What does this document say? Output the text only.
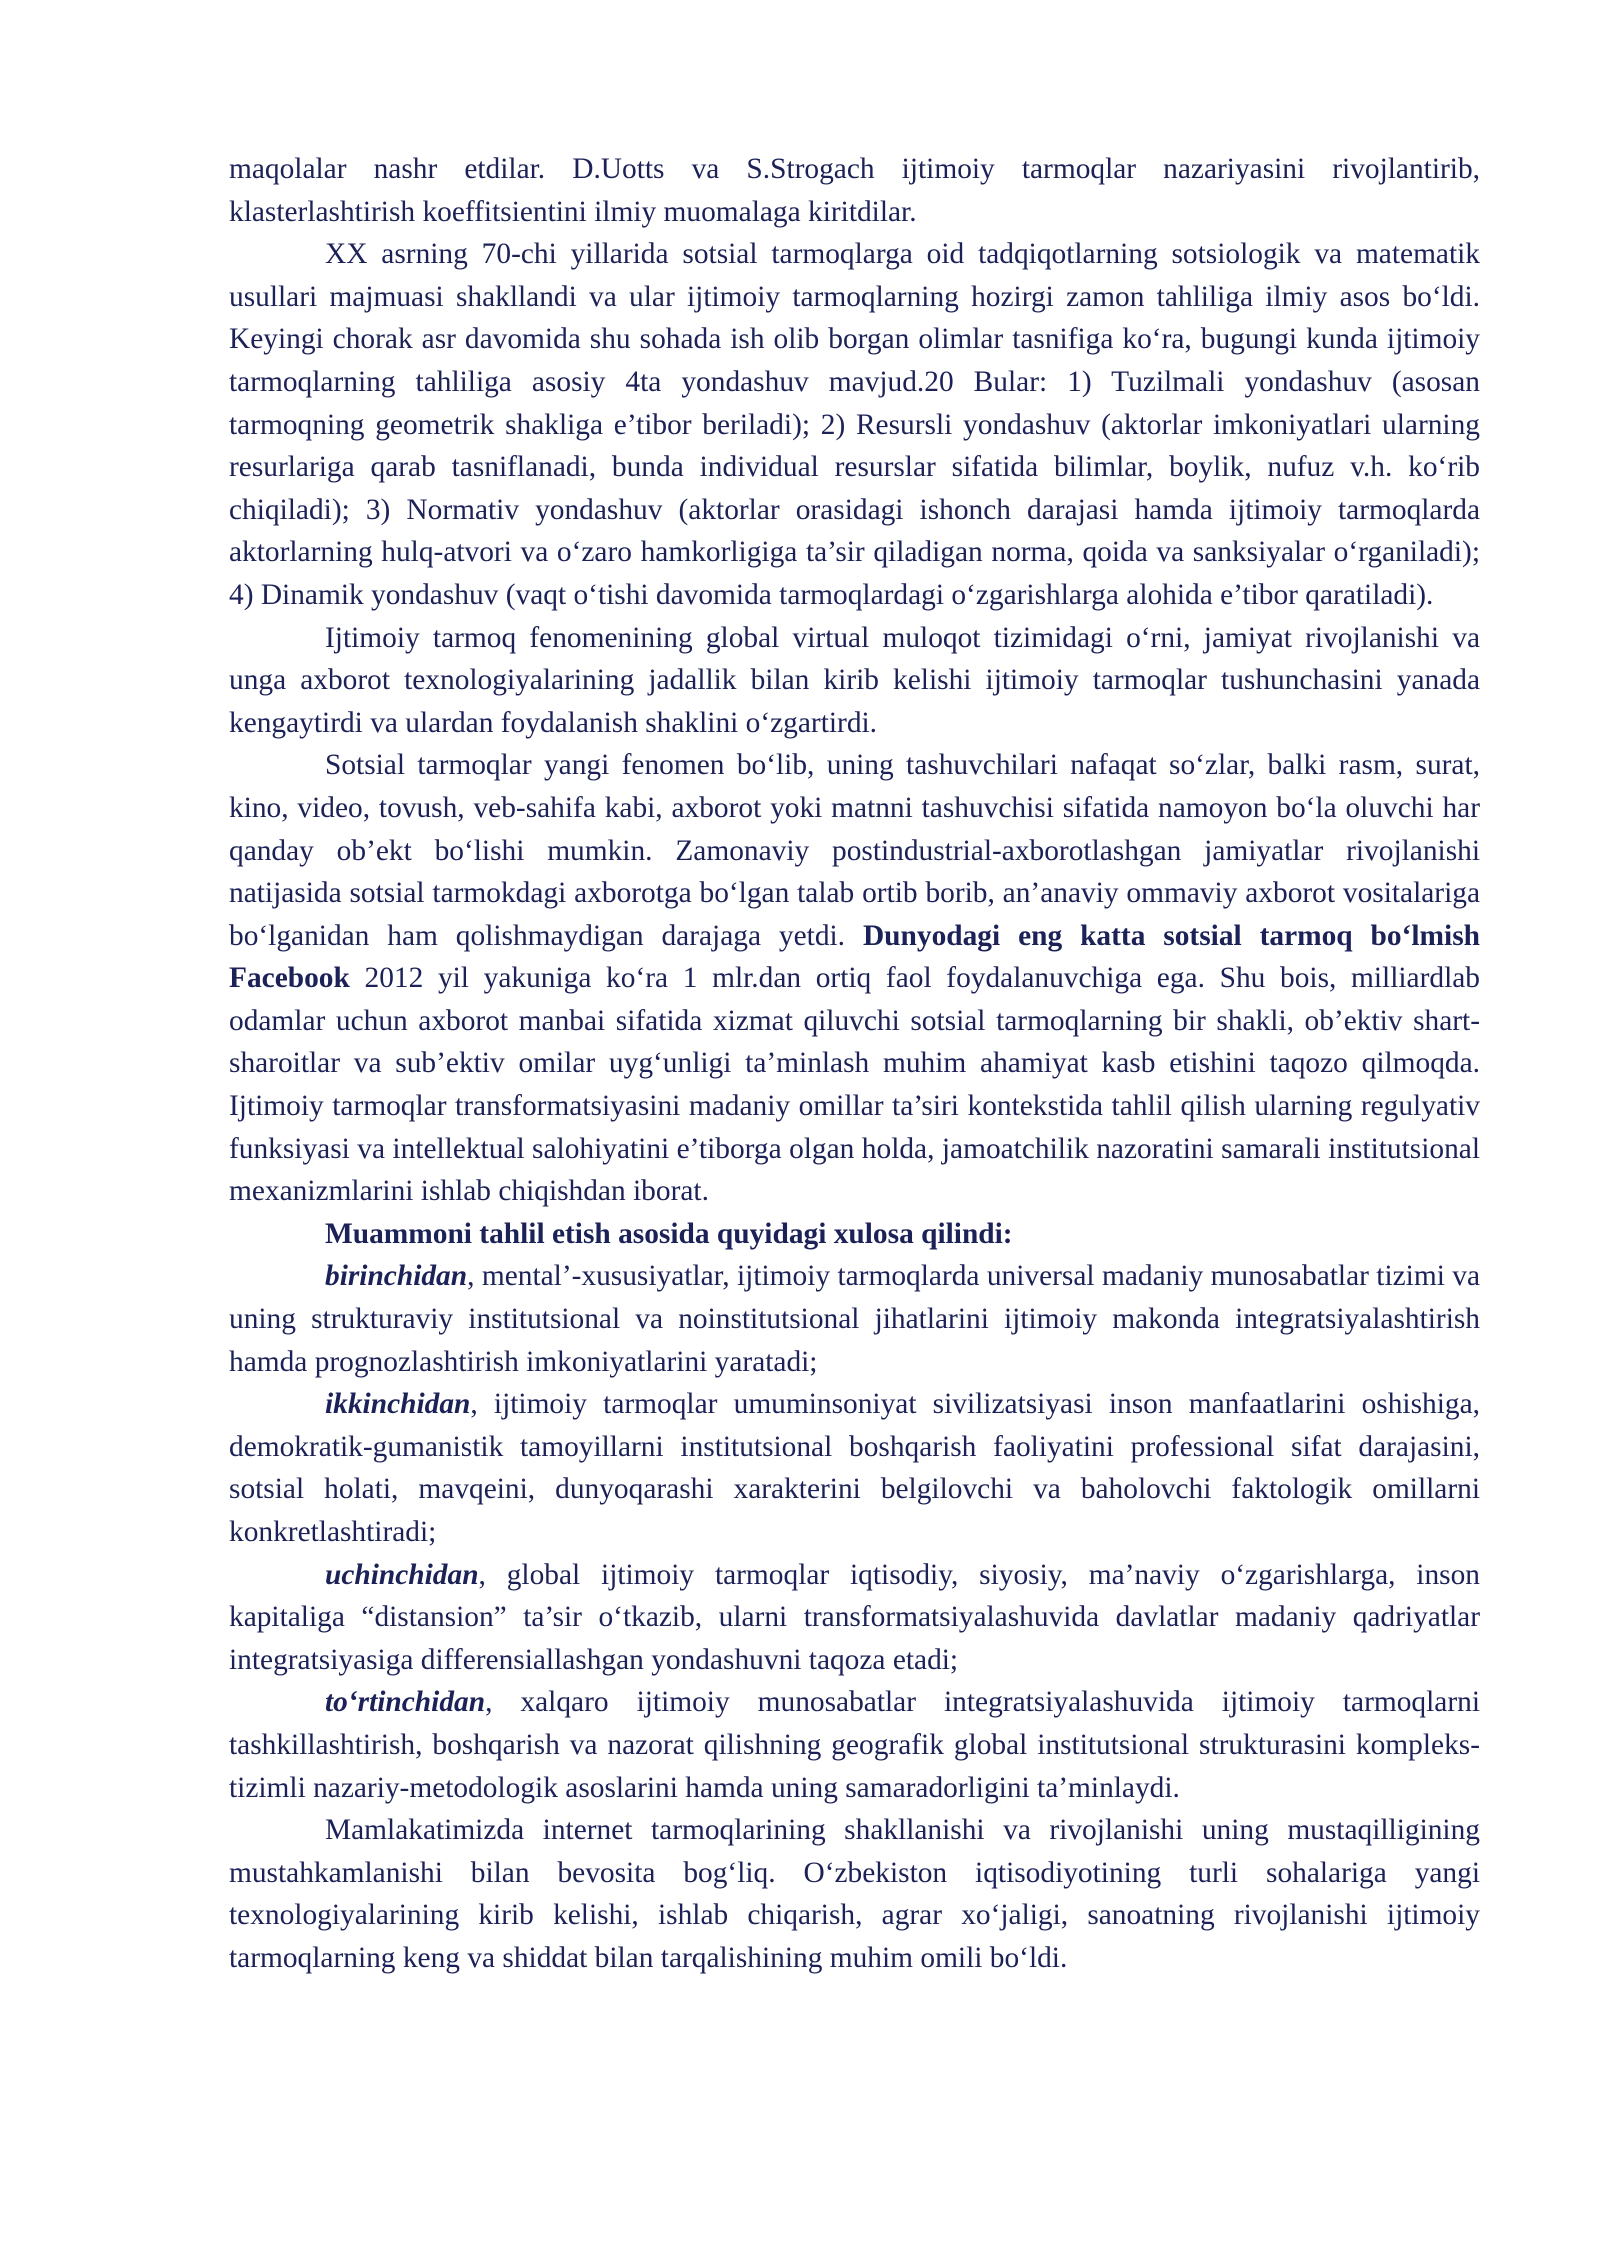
maqolalar nashr etdilar. D.Uotts va S.Strogach ijtimoiy tarmoqlar nazariyasini rivojlantirib, klasterlashtirish koeffitsientini ilmiy muomalaga kiritdilar.

XX asrning 70-chi yillarida sotsial tarmoqlarga oid tadqiqotlarning sotsiologik va matematik usullari majmuasi shakllandi va ular ijtimoiy tarmoqlarning hozirgi zamon tahliliga ilmiy asos boʻldi. Keyingi chorak asr davomida shu sohada ish olib borgan olimlar tasnifiga koʻra, bugungi kunda ijtimoiy tarmoqlarning tahliliga asosiy 4ta yondashuv mavjud.20 Bular: 1) Tuzilmali yondashuv (asosan tarmoqning geometrik shakliga e’tibor beriladi); 2) Resursli yondashuv (aktorlar imkoniyatlari ularning resurlariga qarab tasniflanadi, bunda individual resurslar sifatida bilimlar, boylik, nufuz v.h. koʻrib chiqiladi); 3) Normativ yondashuv (aktorlar orasidagi ishonch darajasi hamda ijtimoiy tarmoqlarda aktorlarning hulq-atvori va oʻzaro hamkorligiga ta’sir qiladigan norma, qoida va sanksiyalar oʻrganiladi); 4) Dinamik yondashuv (vaqt oʻtishi davomida tarmoqlardagi oʻzgarishlarga alohida e’tibor qaratiladi).

Ijtimoiy tarmoq fenomenining global virtual muloqot tizimidagi oʻrni, jamiyat rivojlanishi va unga axborot texnologiyalarining jadallik bilan kirib kelishi ijtimoiy tarmoqlar tushunchasini yanada kengaytirdi va ulardan foydalanish shaklini oʻzgartirdi.

Sotsial tarmoqlar yangi fenomen boʻlib, uning tashuvchilari nafaqat soʻzlar, balki rasm, surat, kino, video, tovush, veb-sahifa kabi, axborot yoki matnni tashuvchisi sifatida namoyon boʻla oluvchi har qanday ob’ekt boʻlishi mumkin. Zamonaviy postindustrial-axborotlashgan jamiyatlar rivojlanishi natijasida sotsial tarmokdagi axborotga boʻlgan talab ortib borib, an’anaviy ommaviy axborot vositalariga boʻlganidan ham qolishmaydigan darajaga yetdi. Dunyodagi eng katta sotsial tarmoq boʻlmish Facebook 2012 yil yakuniga koʻra 1 mlr.dan ortiq faol foydalanuvchiga ega. Shu bois, milliardlab odamlar uchun axborot manbai sifatida xizmat qiluvchi sotsial tarmoqlarning bir shakli, ob’ektiv shart-sharoitlar va sub’ektiv omilar uygʻunligi ta’minlash muhim ahamiyat kasb etishini taqozo qilmoqda. Ijtimoiy tarmoqlar transformatsiyasini madaniy omillar ta’siri kontekstida tahlil qilish ularning regulyativ funksiyasi va intellektual salohiyatini e’tiborga olgan holda, jamoatchilik nazoratini samarali institutsional mexanizmlarini ishlab chiqishdan iborat.

Muammoni tahlil etish asosida quyidagi xulosa qilindi:

birinchidan, mental’-xususiyatlar, ijtimoiy tarmoqlarda universal madaniy munosabatlar tizimi va uning strukturaviy institutsional va noinstitutsional jihatlarini ijtimoiy makonda integratsiyalashtirish hamda prognozlashtirish imkoniyatlarini yaratadi;

ikkinchidan, ijtimoiy tarmoqlar umuminsoniyat sivilizatsiyasi inson manfaatlarini oshishiga, demokratik-gumanistik tamoyillarni institutsional boshqarish faoliyatini professional sifat darajasini, sotsial holati, mavqeini, dunyoqarashi xarakterini belgilovchi va baholovchi faktologik omillarni konkretlashtiradi;

uchinchidan, global ijtimoiy tarmoqlar iqtisodiy, siyosiy, ma’naviy oʻzgarishlarga, inson kapitaliga “distansion” ta’sir oʻtkazib, ularni transformatsiyalashuvida davlatlar madaniy qadriyatlar integratsiyasiga differensiallashgan yondashuvni taqoza etadi;

toʻrtinchidan, xalqaro ijtimoiy munosabatlar integratsiyalashuvida ijtimoiy tarmoqlarni tashkillashtirish, boshqarish va nazorat qilishning geografik global institutsional strukturasini kompleks-tizimli nazariy-metodologik asoslarini hamda uning samaradorligini ta’minlaydi.

Mamlakatimizda internet tarmoqlarining shakllanishi va rivojlanishi uning mustaqilligining mustahkamlanishi bilan bevosita bogʻliq. Oʻzbekiston iqtisodiyotining turli sohalariga yangi texnologiyalarining kirib kelishi, ishlab chiqarish, agrar xoʻjaligi, sanoatning rivojlanishi ijtimoiy tarmoqlarning keng va shiddat bilan tarqalishining muhim omili boʻldi.
